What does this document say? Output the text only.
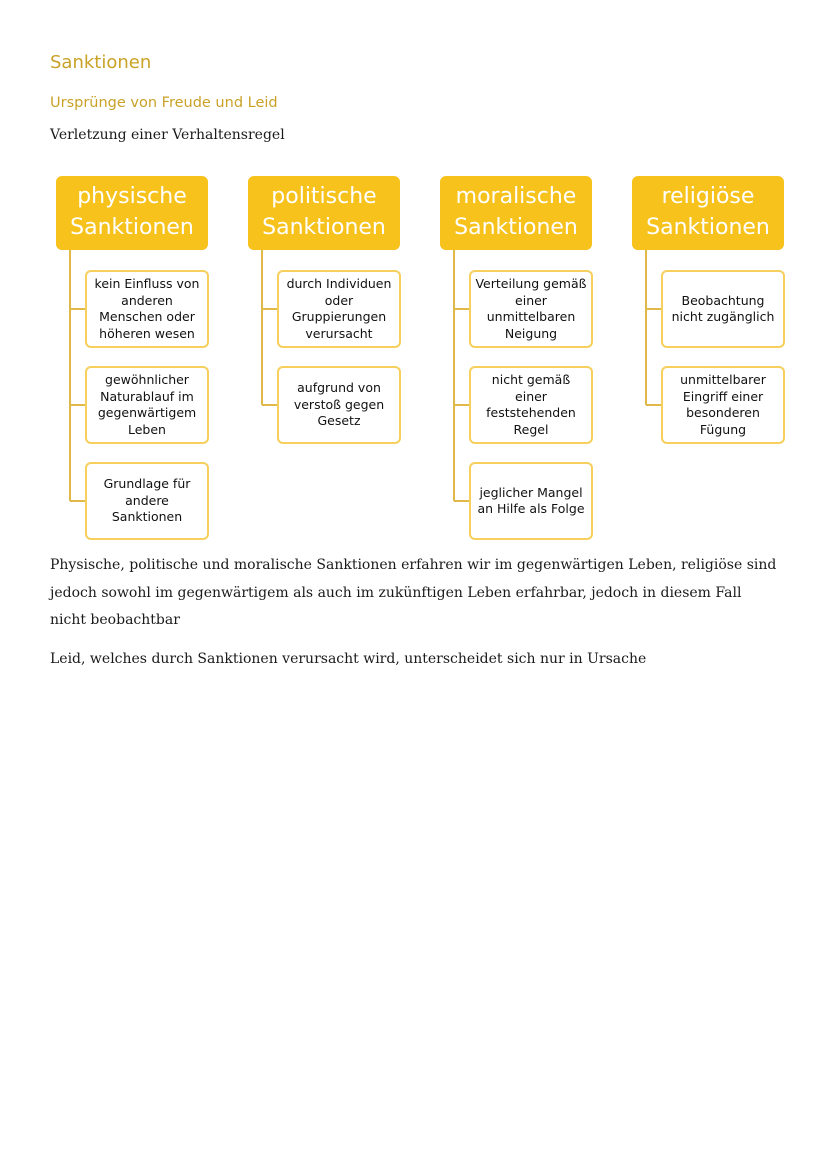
Sanktionen
Ursprünge von Freude und Leid
Verletzung einer Verhaltensregel
physische
Sanktionen
kein Einfluss von anderen Menschen oder höheren wesen
gewöhnlicher Naturablauf im gegenwärtigem Leben
Grundlage für andere Sanktionen
politische
Sanktionen
durch Individuen oder Gruppierungen verursacht
aufgrund von verstoß gegen Gesetz
moralische
Sanktionen
Verteilung gemäß einer unmittelbaren Neigung
nicht gemäß einer feststehenden Regel
jeglicher Mangel an Hilfe als Folge
religiöse
Sanktionen
Beobachtung nicht zugänglich
unmittelbarer Eingriff einer besonderen Fügung
Physische, politische und moralische Sanktionen erfahren wir im gegenwärtigen Leben, religiöse sind jedoch sowohl im gegenwärtigem als auch im zukünftigen Leben erfahrbar, jedoch in diesem Fall nicht beobachtbar
Leid, welches durch Sanktionen verursacht wird, unterscheidet sich nur in Ursache
